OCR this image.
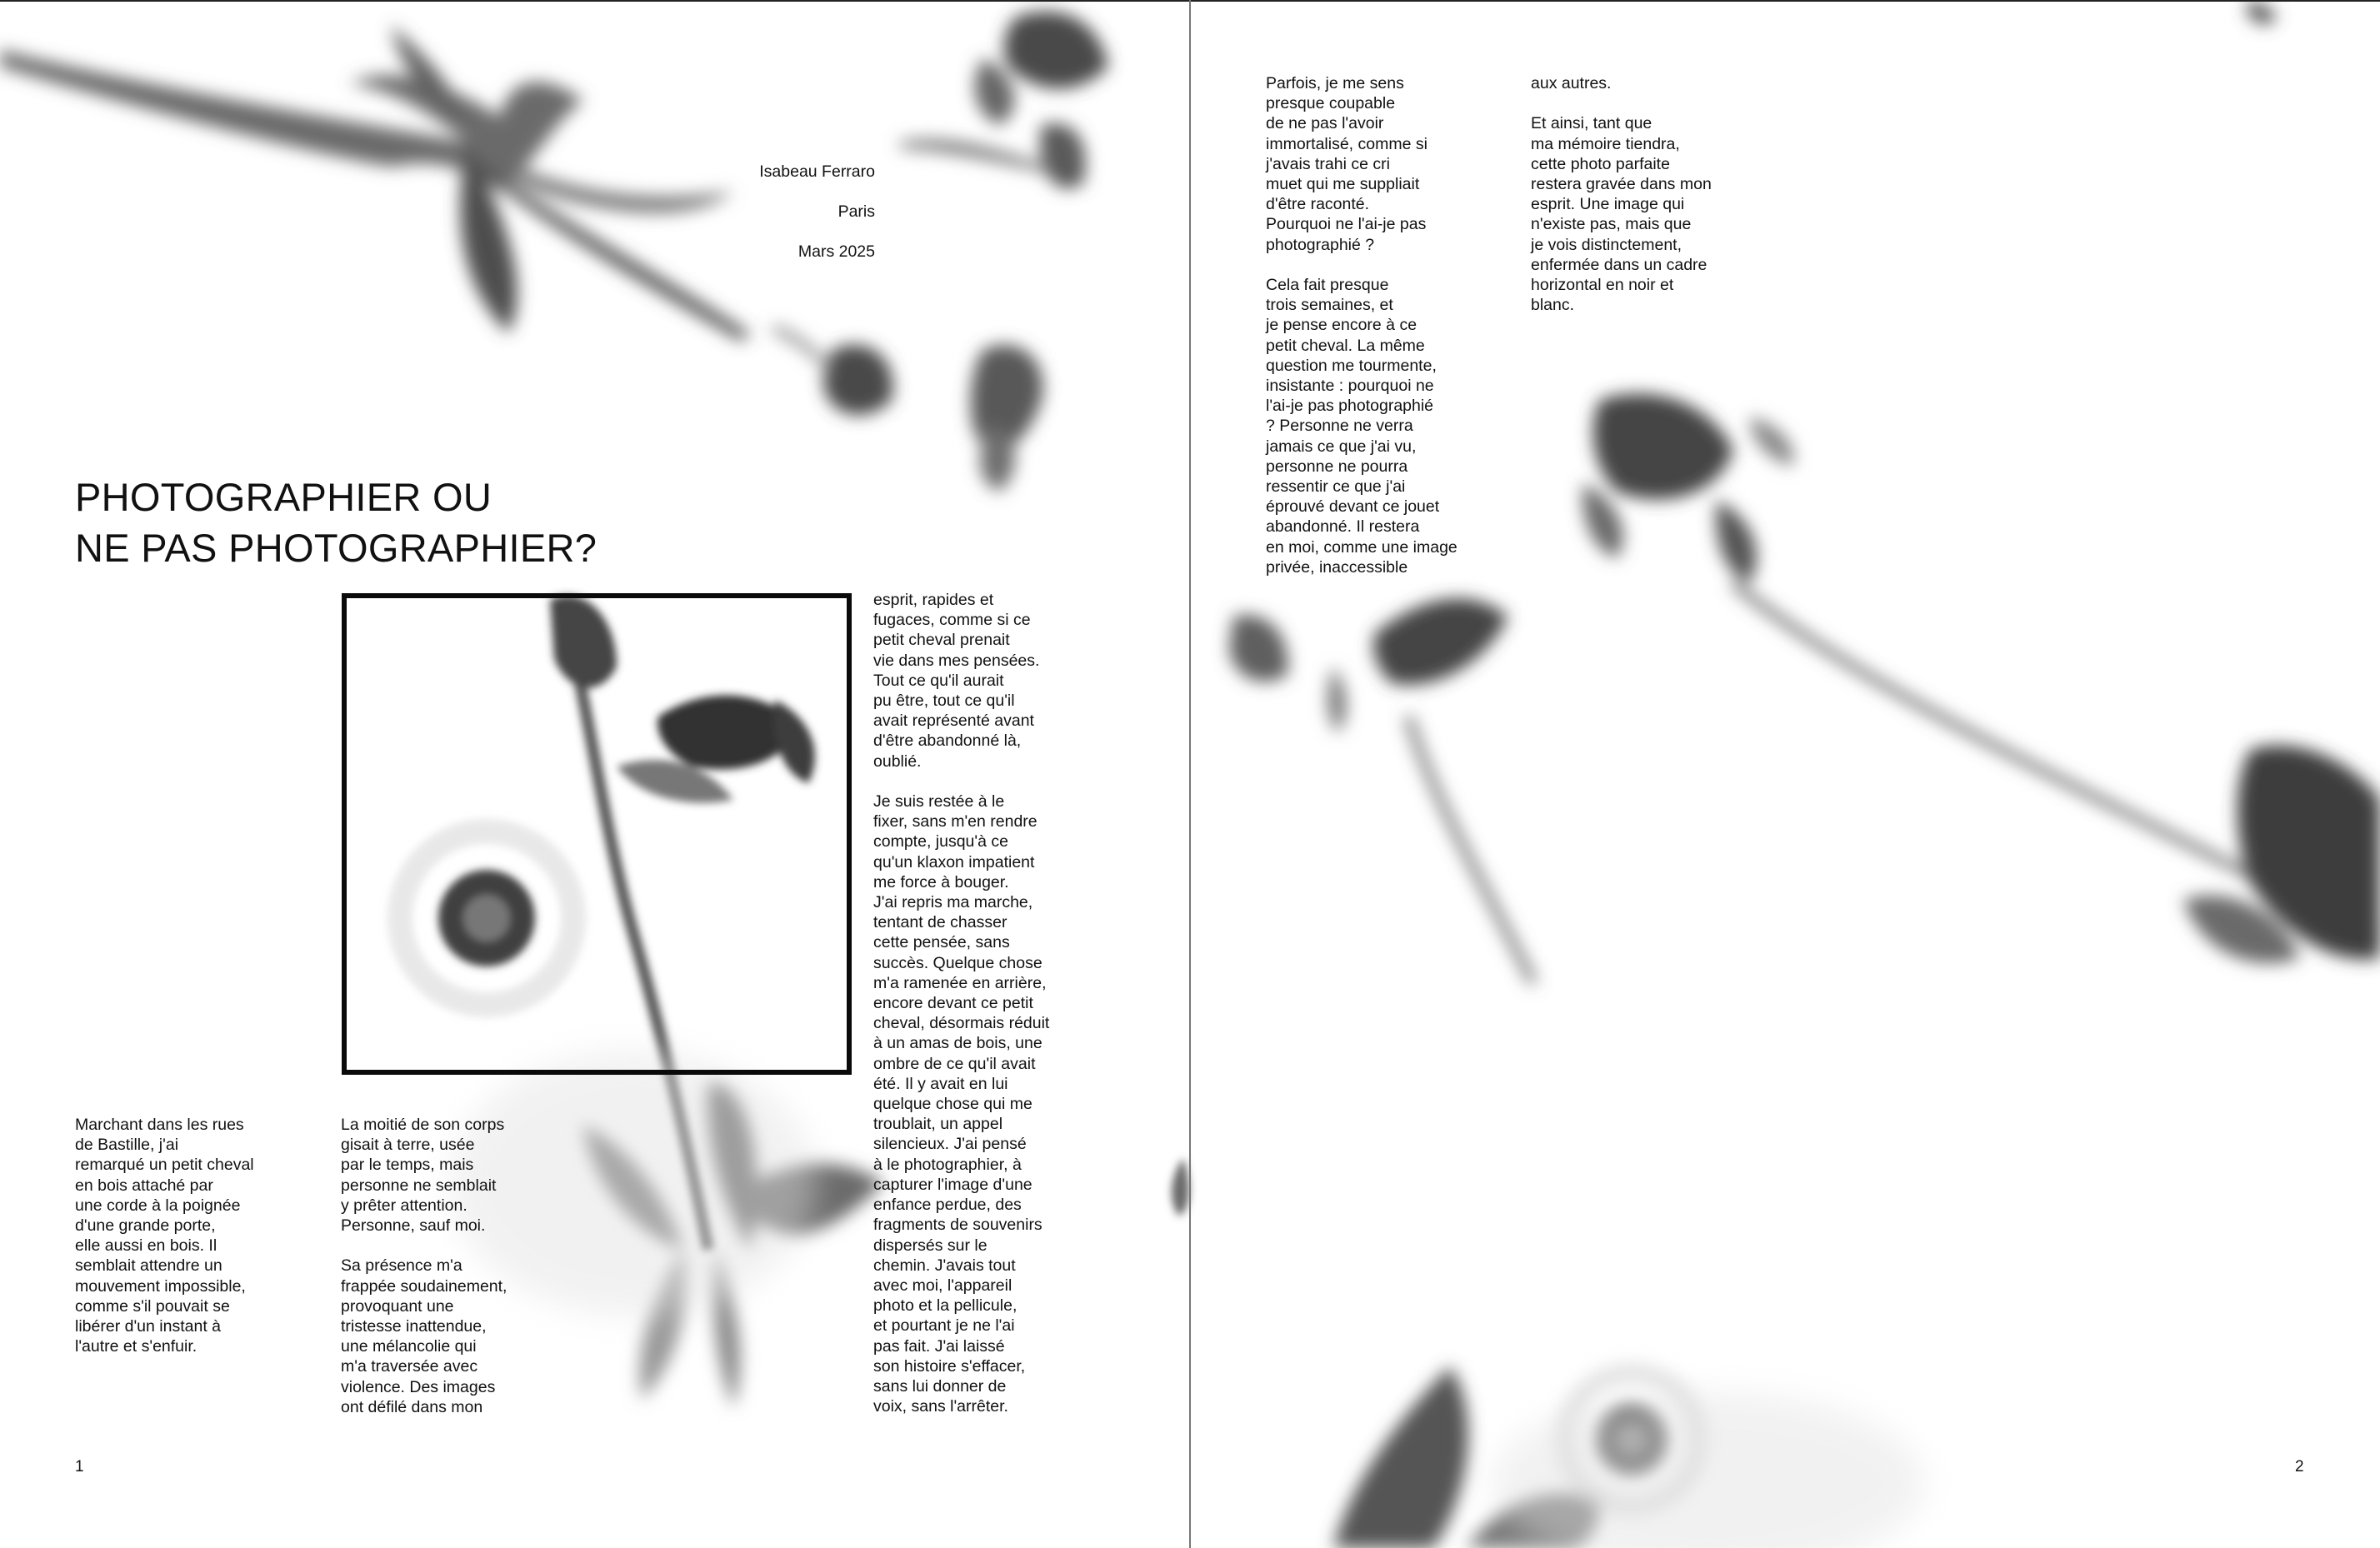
Isabeau Ferraro

Paris

Mars 2025

PHOTOGRAPHIER OU
NE PAS PHOTOGRAPHIER?
Marchant dans les rues
de Bastille, j'ai
remarqué un petit cheval
en bois attaché par
une corde à la poignée
d'une grande porte,
elle aussi en bois. Il
semblait attendre un
mouvement impossible,
comme s'il pouvait se
libérer d'un instant à
l'autre et s'enfuir.
La moitié de son corps
gisait à terre, usée
par le temps, mais
personne ne semblait
y prêter attention.
Personne, sauf moi.

Sa présence m'a
frappée soudainement,
provoquant une
tristesse inattendue,
une mélancolie qui
m'a traversée avec
violence. Des images
ont défilé dans mon
esprit, rapides et
fugaces, comme si ce
petit cheval prenait
vie dans mes pensées.
Tout ce qu'il aurait
pu être, tout ce qu'il
avait représenté avant
d'être abandonné là,
oublié.

Je suis restée à le
fixer, sans m'en rendre
compte, jusqu'à ce
qu'un klaxon impatient
me force à bouger.
J'ai repris ma marche,
tentant de chasser
cette pensée, sans
succès. Quelque chose
m'a ramenée en arrière,
encore devant ce petit
cheval, désormais réduit
à un amas de bois, une
ombre de ce qu'il avait
été. Il y avait en lui
quelque chose qui me
troublait, un appel
silencieux. J'ai pensé
à le photographier, à
capturer l'image d'une
enfance perdue, des
fragments de souvenirs
dispersés sur le
chemin. J'avais tout
avec moi, l'appareil
photo et la pellicule,
et pourtant je ne l'ai
pas fait. J'ai laissé
son histoire s'effacer,
sans lui donner de
voix, sans l'arrêter.
Parfois, je me sens
presque coupable
de ne pas l'avoir
immortalisé, comme si
j'avais trahi ce cri
muet qui me suppliait
d'être raconté.
Pourquoi ne l'ai-je pas
photographié ?

Cela fait presque
trois semaines, et
je pense encore à ce
petit cheval. La même
question me tourmente,
insistante : pourquoi ne
l'ai-je pas photographié
? Personne ne verra
jamais ce que j'ai vu,
personne ne pourra
ressentir ce que j'ai
éprouvé devant ce jouet
abandonné. Il restera
en moi, comme une image
privée, inaccessible
aux autres.

Et ainsi, tant que
ma mémoire tiendra,
cette photo parfaite
restera gravée dans mon
esprit. Une image qui
n'existe pas, mais que
je vois distinctement,
enfermée dans un cadre
horizontal en noir et
blanc.
1	2
